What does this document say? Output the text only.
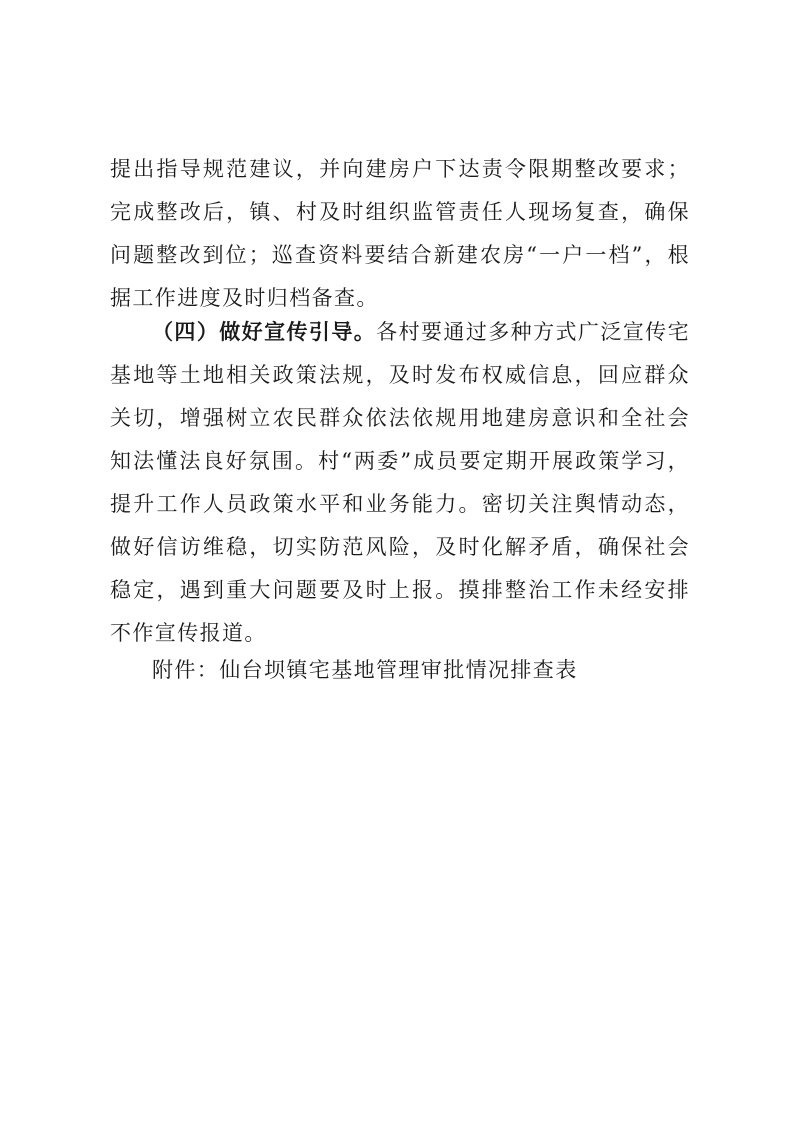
提出指导规范建议，并向建房户下达责令限期整改要求；完成整改后，镇、村及时组织监管责任人现场复查，确保问题整改到位；巡查资料要结合新建农房“一户一档”，根据工作进度及时归档备查。

（四）做好宣传引导。各村要通过多种方式广泛宣传宅基地等土地相关政策法规，及时发布权威信息，回应群众关切，增强树立农民群众依法依规用地建房意识和全社会知法懂法良好氛围。村“两委”成员要定期开展政策学习，提升工作人员政策水平和业务能力。密切关注舆情动态，做好信访维稳，切实防范风险，及时化解矛盾，确保社会稳定，遇到重大问题要及时上报。摸排整治工作未经安排不作宣传报道。

附件：仙台坝镇宅基地管理审批情况排查表
